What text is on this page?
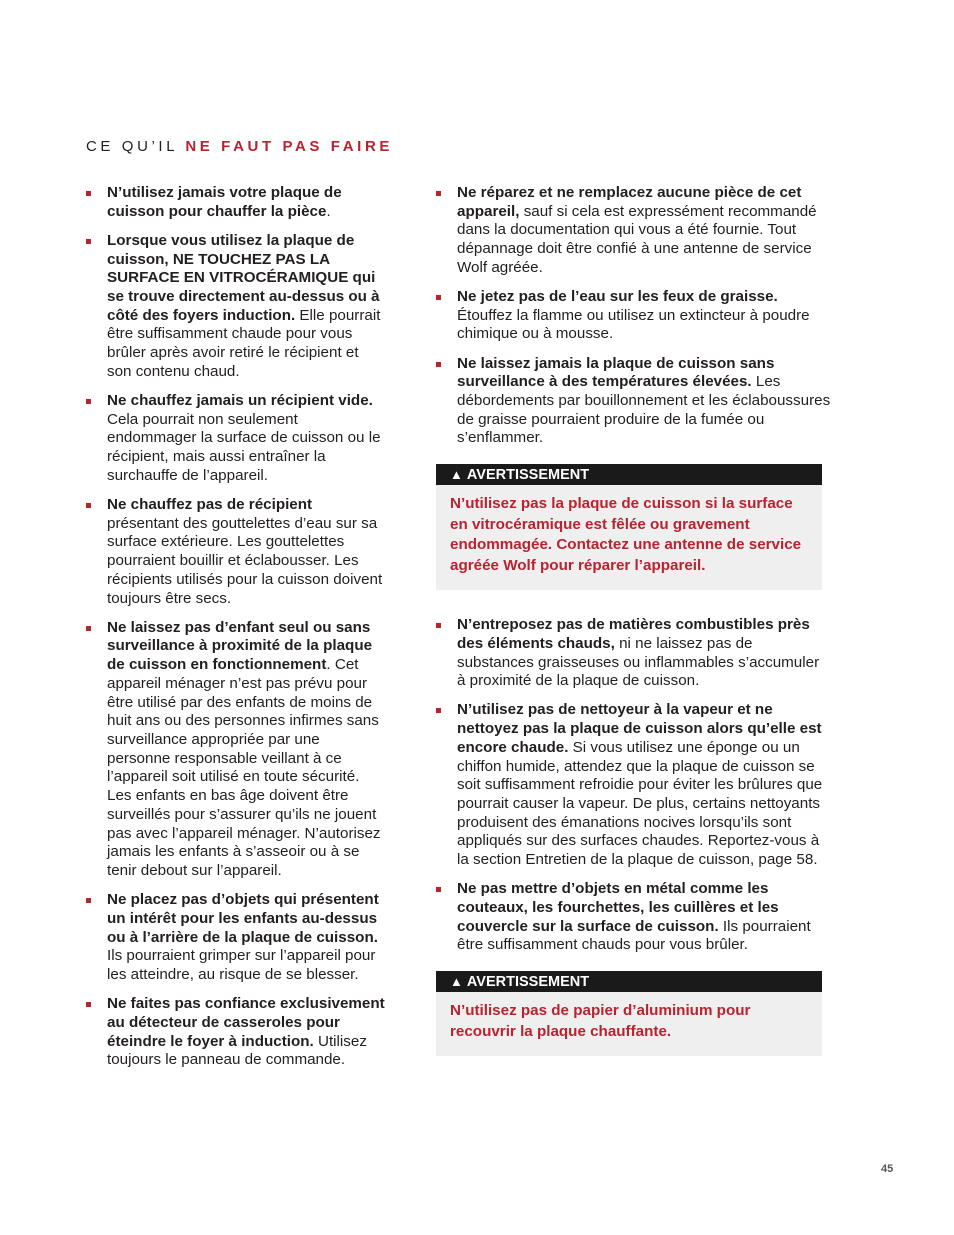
CE QU’IL NE FAUT PAS FAIRE
N’utilisez jamais votre plaque de cuisson pour chauffer la pièce.
Lorsque vous utilisez la plaque de cuisson, NE TOUCHEZ PAS LA SURFACE EN VITROCÉRAMIQUE qui se trouve directement au-dessus ou à côté des foyers induction. Elle pourrait être suffisamment chaude pour vous brûler après avoir retiré le récipient et son contenu chaud.
Ne chauffez jamais un récipient vide. Cela pourrait non seulement endommager la surface de cuisson ou le récipient, mais aussi entraîner la surchauffe de l’appareil.
Ne chauffez pas de récipient présentant des gouttelettes d’eau sur sa surface extérieure. Les gouttelettes pourraient bouillir et éclabousser. Les récipients utilisés pour la cuisson doivent toujours être secs.
Ne laissez pas d’enfant seul ou sans surveillance à proximité de la plaque de cuisson en fonctionnement. Cet appareil ménager n’est pas prévu pour être utilisé par des enfants de moins de huit ans ou des personnes infirmes sans surveillance appropriée par une personne responsable veillant à ce l’appareil soit utilisé en toute sécurité. Les enfants en bas âge doivent être surveillés pour s’assurer qu’ils ne jouent pas avec l’appareil ménager. N’autorisez jamais les enfants à s’asseoir ou à se tenir debout sur l’appareil.
Ne placez pas d’objets qui présentent un intérêt pour les enfants au-dessus ou à l’arrière de la plaque de cuisson. Ils pourraient grimper sur l’appareil pour les atteindre, au risque de se blesser.
Ne faites pas confiance exclusivement au détecteur de casseroles pour éteindre le foyer à induction. Utilisez toujours le panneau de commande.
Ne réparez et ne remplacez aucune pièce de cet appareil, sauf si cela est expressément recommandé dans la documentation qui vous a été fournie. Tout dépannage doit être confié à une antenne de service Wolf agréée.
Ne jetez pas de l’eau sur les feux de graisse. Étouffez la flamme ou utilisez un extincteur à poudre chimique ou à mousse.
Ne laissez jamais la plaque de cuisson sans surveillance à des températures élevées. Les débordements par bouillonnement et les éclaboussures de graisse pourraient produire de la fumée ou s’enflammer.
▲ AVERTISSEMENT
N’utilisez pas la plaque de cuisson si la surface en vitrocéramique est fêlée ou gravement endommagée. Contactez une antenne de service agréée Wolf pour réparer l’appareil.
N’entreposez pas de matières combustibles près des éléments chauds, ni ne laissez pas de substances graisseuses ou inflammables s’accumuler à proximité de la plaque de cuisson.
N’utilisez pas de nettoyeur à la vapeur et ne nettoyez pas la plaque de cuisson alors qu’elle est encore chaude. Si vous utilisez une éponge ou un chiffon humide, attendez que la plaque de cuisson se soit suffisamment refroidie pour éviter les brûlures que pourrait causer la vapeur. De plus, certains nettoyants produisent des émanations nocives lorsqu’ils sont appliqués sur des surfaces chaudes. Reportez-vous à la section Entretien de la plaque de cuisson, page 58.
Ne pas mettre d’objets en métal comme les couteaux, les fourchettes, les cuillères et les couvercle sur la surface de cuisson. Ils pourraient être suffisamment chauds pour vous brûler.
▲ AVERTISSEMENT
N’utilisez pas de papier d’aluminium pour recouvrir la plaque chauffante.
45
